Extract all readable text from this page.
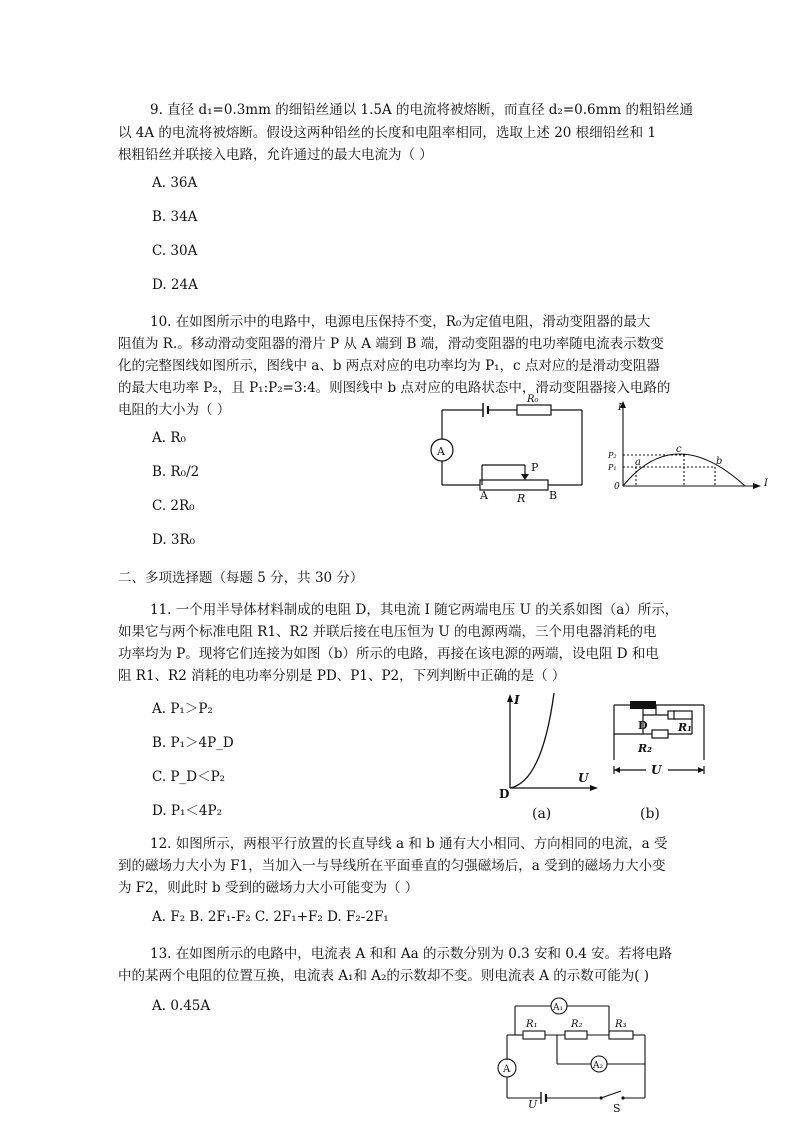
9. 直径 d₁=0.3mm 的细铅丝通以 1.5A 的电流将被熔断，而直径 d₂=0.6mm 的粗铅丝通
以 4A 的电流将被熔断。假设这两种铅丝的长度和电阻率相同，选取上述 20 根细铅丝和 1
根粗铅丝并联接入电路，允许通过的最大电流为（ ）
A. 36A
B. 34A
C. 30A
D. 24A
10. 在如图所示中的电路中，电源电压保持不变，R₀为定值电阻，滑动变阻器的最大
阻值为 R.。移动滑动变阻器的滑片 P 从 A 端到 B 端，滑动变阻器的电功率随电流表示数变
化的完整图线如图所示，图线中 a、b 两点对应的电功率均为 P₁，c 点对应的是滑动变阻器
的最大电功率 P₂，且 P₁:P₂=3:4。则图线中 b 点对应的电路状态中，滑动变阻器接入电路的
电阻的大小为（ ）
A. R₀
B. R₀/2
C. 2R₀
D. 3R₀
R₀
A
P
A	R B
P
P₂
P₁
0
a
c
b
I
二、多项选择题（每题 5 分，共 30 分）
11. 一个用半导体材料制成的电阻 D，其电流 I 随它两端电压 U 的关系如图（a）所示，
如果它与两个标准电阻 R1、R2 并联后接在电压恒为 U 的电源两端，三个用电器消耗的电
功率均为 P。现将它们连接为如图（b）所示的电路，再接在该电源的两端，设电阻 D 和电
阻 R1、R2 消耗的电功率分别是 PD、P1、P2，下列判断中正确的是（ ）
A. P₁＞P₂
B. P₁＞4P_D
C. P_D＜P₂
D. P₁＜4P₂
I
U
D
(a)
D	R₁
R₂
U
(b)
12. 如图所示，两根平行放置的长直导线 a 和 b 通有大小相同、方向相同的电流，a 受
到的磁场力大小为 F1，当加入一与导线所在平面垂直的匀强磁场后，a 受到的磁场力大小变
为 F2，则此时 b 受到的磁场力大小可能变为（ ）
A. F₂ B. 2F₁-F₂ C. 2F₁+F₂ D. F₂-2F₁
13. 在如图所示的电路中，电流表 A 和和 Aa 的示数分别为 0.3 安和 0.4 安。若将电路
中的某两个电阻的位置互换，电流表 A₁和 A₂的示数却不变。则电流表 A 的示数可能为( )
A. 0.45A	A₁
R₁	R₂	R₃
A	A₂
U	S
